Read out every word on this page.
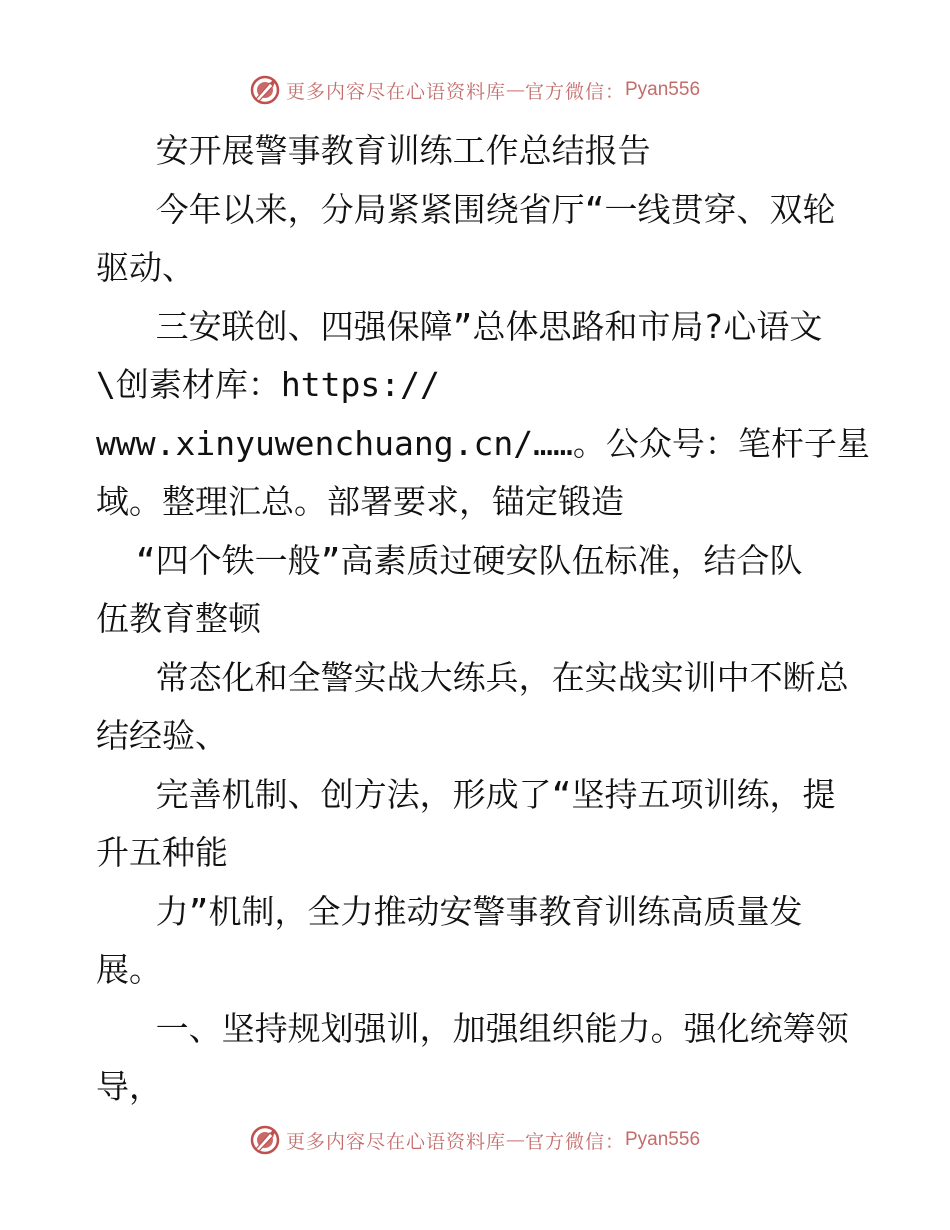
更多内容尽在心语资料库 — 官方微信： Pyan556
安开展警事教育训练工作总结报告
今年以来，分局紧紧围绕省厅“一线贯穿、双轮
驱动、
三安联创、四强保障”总体思路和市局?心语文
\创素材库：https://
www.xinyuwenchuang.cn/……。公众号：笔杆子星
域。整理汇总。部署要求，锚定锻造
“四个铁一般”高素质过硬安队伍标准，结合队
伍教育整顿
常态化和全警实战大练兵，在实战实训中不断总
结经验、
完善机制、创方法，形成了“坚持五项训练，提
升五种能
力”机制，全力推动安警事教育训练高质量发
展。
一、坚持规划强训，加强组织能力。强化统筹领
导，
更多内容尽在心语资料库 — 官方微信： Pyan556
